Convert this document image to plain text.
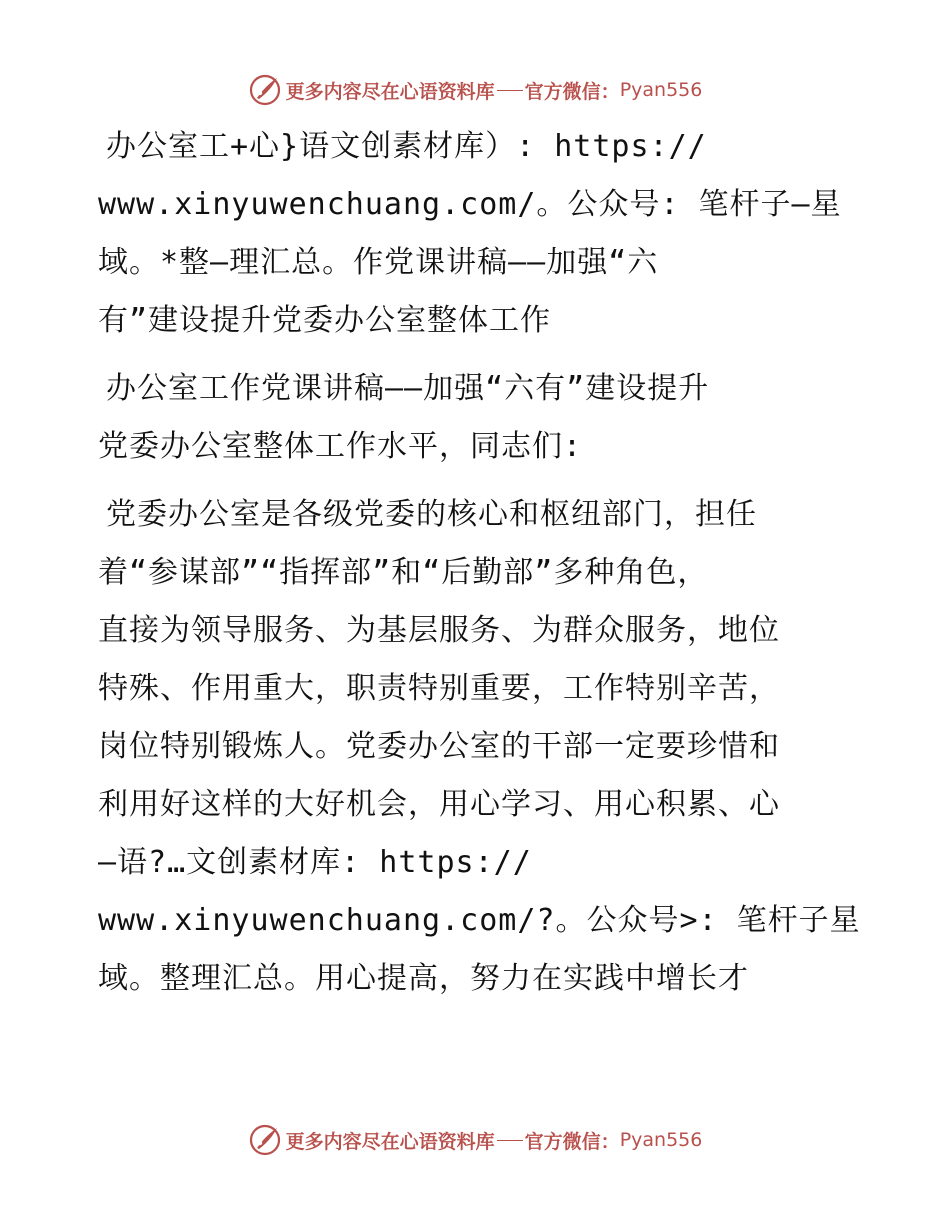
更多内容尽在心语资料库 官方微信： Pyan556
办公室工+心}语文创素材库）: https://
www.xinyuwenchuang.com/。公众号: 笔杆子—星
域。*整—理汇总。作党课讲稿——加强“六
有”建设提升党委办公室整体工作
办公室工作党课讲稿——加强“六有”建设提升
党委办公室整体工作水平，同志们:
党委办公室是各级党委的核心和枢纽部门，担任
着“参谋部”“指挥部”和“后勤部”多种角色，
直接为领导服务、为基层服务、为群众服务，地位
特殊、作用重大，职责特别重要，工作特别辛苦，
岗位特别锻炼人。党委办公室的干部一定要珍惜和
利用好这样的大好机会，用心学习、用心积累、心
—语?…文创素材库: https://
www.xinyuwenchuang.com/?。公众号>: 笔杆子星
域。整理汇总。用心提高，努力在实践中增长才
更多内容尽在心语资料库 官方微信： Pyan556
